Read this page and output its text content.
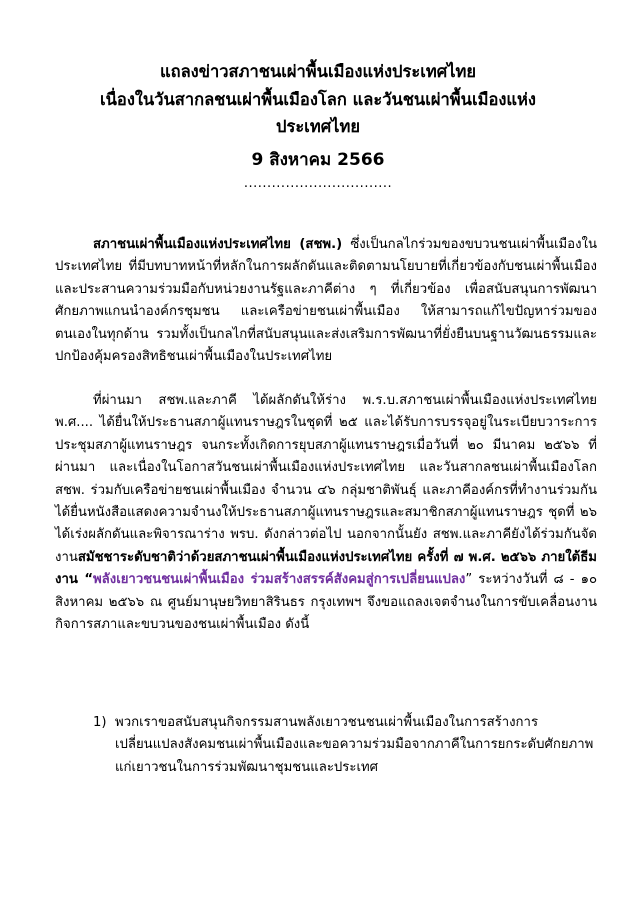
แถลงข่าวสภาชนเผ่าพื้นเมืองแห่งประเทศไทย

เนื่องในวันสากลชนเผ่าพื้นเมืองโลก และวันชนเผ่าพื้นเมืองแห่ง

ประเทศไทย

9 สิงหาคม 2566
................................
สภาชนเผ่าพื้นเมืองแห่งประเทศไทย (สชพ.) ซึ่งเป็นกลไกร่วมของขบวนชนเผ่าพื้นเมืองในประเทศไทย ที่มีบทบาทหน้าที่หลักในการผลักดันและติดตามนโยบายที่เกี่ยวข้องกับชนเผ่าพื้นเมือง และประสานความร่วมมือกับหน่วยงานรัฐและภาคีต่าง ๆ ที่เกี่ยวข้อง เพื่อสนับสนุนการพัฒนาศักยภาพแกนนำองค์กรชุมชน และเครือข่ายชนเผ่าพื้นเมือง ให้สามารถแก้ไขปัญหาร่วมของตนเองในทุกด้าน รวมทั้งเป็นกลไกที่สนับสนุนและส่งเสริมการพัฒนาที่ยั่งยืนบนฐานวัฒนธรรมและปกป้องคุ้มครองสิทธิชนเผ่าพื้นเมืองในประเทศไทย
ที่ผ่านมา สชพ.และภาคี ได้ผลักดันให้ร่าง พ.ร.บ.สภาชนเผ่าพื้นเมืองแห่งประเทศไทย พ.ศ.... ได้ยื่นให้ประธานสภาผู้แทนราษฎรในชุดที่ ๒๕ และได้รับการบรรจุอยู่ในระเบียบวาระการประชุมสภาผู้แทนราษฎร จนกระทั้งเกิดการยุบสภาผู้แทนราษฎรเมื่อวันที่ ๒๐ มีนาคม ๒๕๖๖ ที่ผ่านมา และเนื่องในโอกาสวันชนเผ่าพื้นเมืองแห่งประเทศไทย และวันสากลชนเผ่าพื้นเมืองโลก สชพ. ร่วมกับเครือข่ายชนเผ่าพื้นเมือง จำนวน ๔๖ กลุ่มชาติพันธุ์ และภาคีองค์กรที่ทำงานร่วมกัน ได้ยื่นหนังสือแสดงความจำนงให้ประธานสภาผู้แทนราษฎรและสมาชิกสภาผู้แทนราษฎร ชุดที่ ๒๖ ได้เร่งผลักดันและพิจารณาร่าง พรบ. ดังกล่าวต่อไป นอกจากนั้นยัง สชพ.และภาคียังได้ร่วมกันจัดงานสมัชชาระดับชาติว่าด้วยสภาชนเผ่าพื้นเมืองแห่งประเทศไทย ครั้งที่ ๗ พ.ศ. ๒๕๖๖ ภายใต้ธีมงาน “พลังเยาวชนชนเผ่าพื้นเมือง ร่วมสร้างสรรค์สังคมสู่การเปลี่ยนแปลง” ระหว่างวันที่ ๘ - ๑๐ สิงหาคม ๒๕๖๖ ณ ศูนย์มานุษยวิทยาสิรินธร กรุงเทพฯ จึงขอแถลงเจตจำนงในการขับเคลื่อนงานกิจการสภาและขบวนของชนเผ่าพื้นเมือง ดังนี้
1) พวกเราขอสนับสนุนกิจกรรมสานพลังเยาวชนชนเผ่าพื้นเมืองในการสร้างการเปลี่ยนแปลงสังคมชนเผ่าพื้นเมืองและขอความร่วมมือจากภาคีในการยกระดับศักยภาพแก่เยาวชนในการร่วมพัฒนาชุมชนและประเทศ
